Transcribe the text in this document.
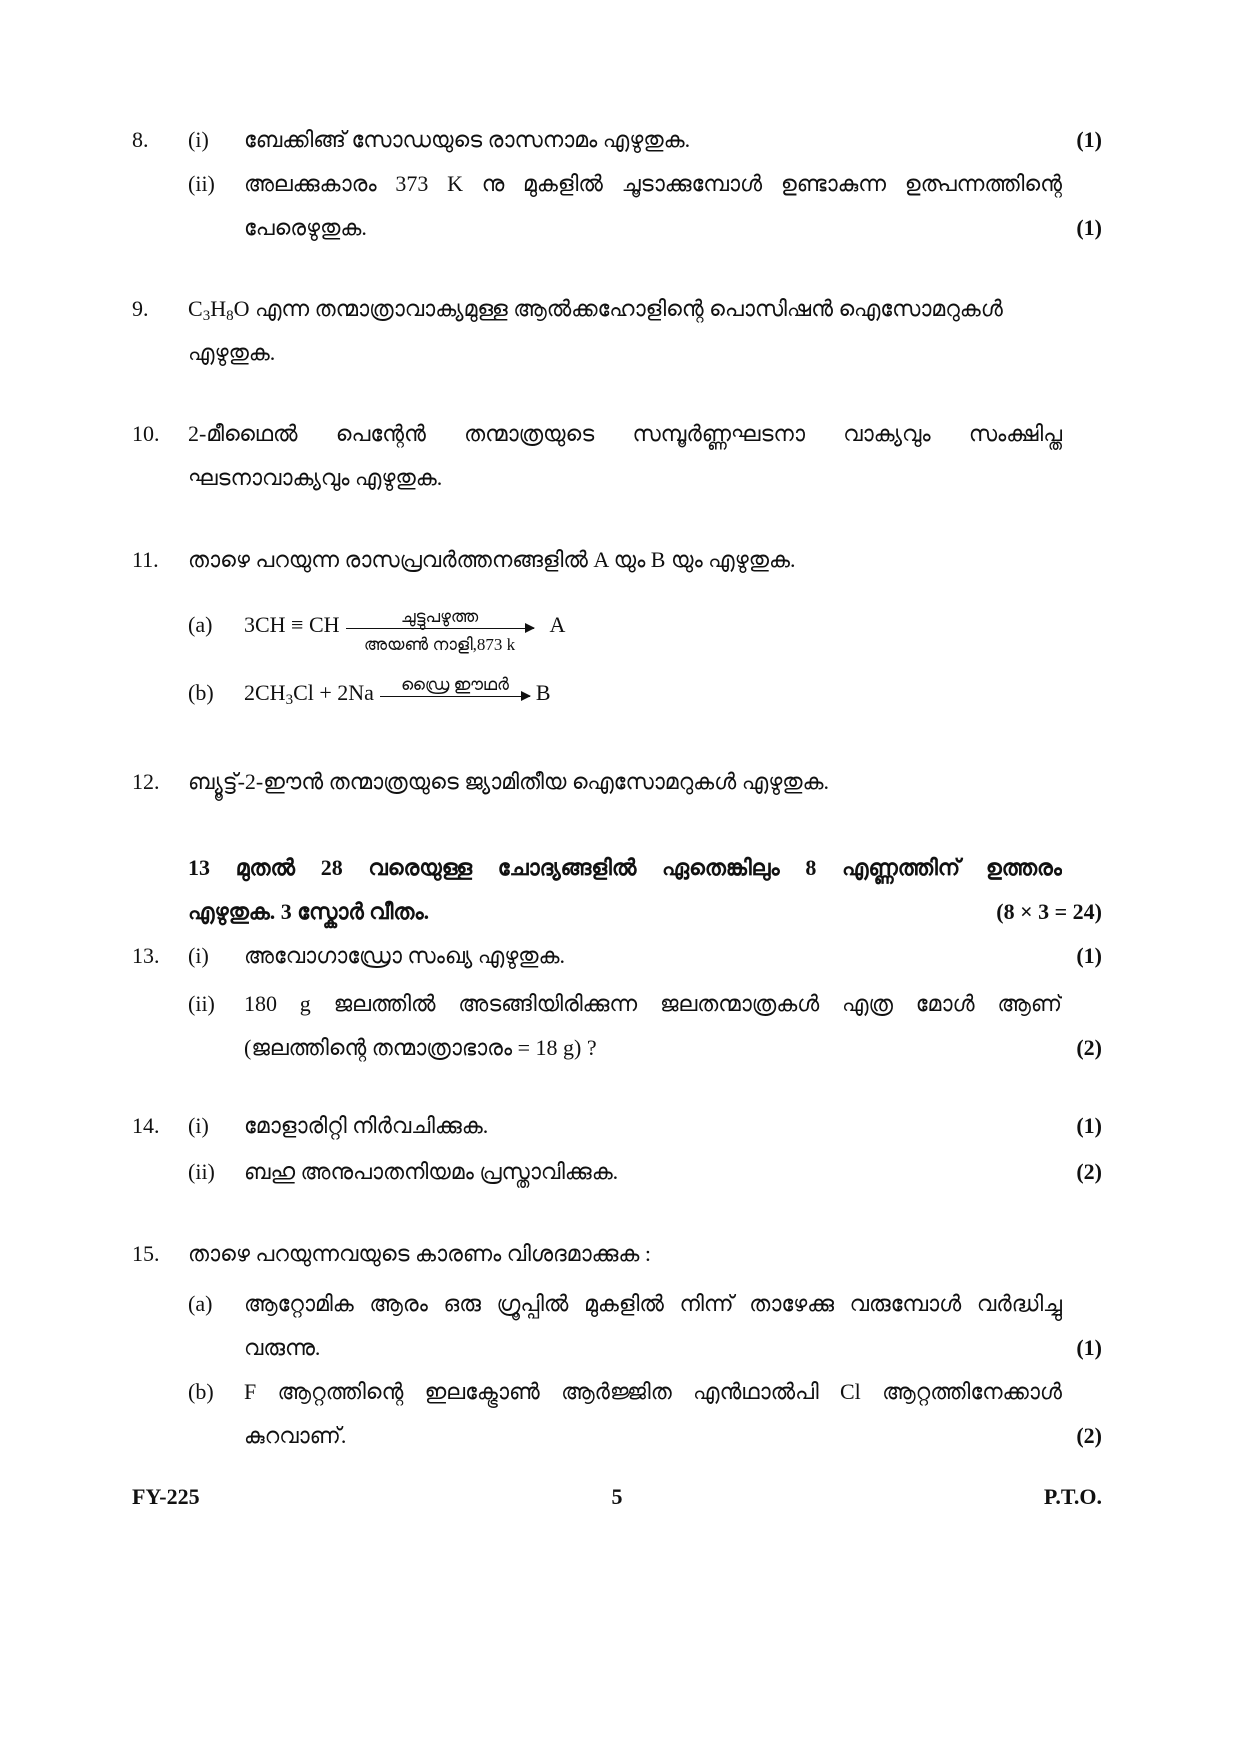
8. (i) ബേക്കിങ്ങ് സോഡയുടെ രാസനാമം എഴുതുക.	(1)
(ii) അലക്കുകാരം 373 K നു മുകളിൽ ചൂടാക്കുമ്പോൾ ഉണ്ടാകുന്ന ഉത്പന്നത്തിന്റെ
പേരെഴുതുക.	(1)
9. $C_3H_8O$ എന്ന തന്മാത്രാവാക്യമുള്ള ആൽക്കഹോളിന്റെ പൊസിഷൻ ഐസോമറുകൾ
എഴുതുക.
10. 2-മീഥൈൽ പെന്റേൻ തന്മാത്രയുടെ സമ്പൂർണ്ണഘടനാ വാക്യവും സംക്ഷിപ്ത
ഘടനാവാക്യവും എഴുതുക.
11. താഴെ പറയുന്ന രാസപ്രവർത്തനങ്ങളിൽ A യും B യും എഴുതുക.
(a) 3CH ≡ CH	ചുട്ടുപഴുത്ത
അയൺ നാളി,873 k
A
(b) $2CH_3Cl + 2Na$	ഡ്രൈ ഈഥർ	B
12. ബ്യൂട്ട്-2-ഈൻ തന്മാത്രയുടെ ജ്യാമിതീയ ഐസോമറുകൾ എഴുതുക.
13 മുതൽ 28 വരെയുള്ള ചോദ്യങ്ങളിൽ ഏതെങ്കിലും 8 എണ്ണത്തിന് ഉത്തരം
എഴുതുക. 3 സ്കോർ വീതം.	(8 × 3 = 24)
13. (i) അവോഗാഡ്രോ സംഖ്യ എഴുതുക.	(1)
(ii) 180 g ജലത്തിൽ അടങ്ങിയിരിക്കുന്ന ജലതന്മാത്രകൾ എത്ര മോൾ ആണ്
(ജലത്തിന്റെ തന്മാത്രാഭാരം = 18 g) ?	(2)
14. (i) മോളാരിറ്റി നിർവചിക്കുക.	(1)
(ii) ബഹു അനുപാതനിയമം പ്രസ്താവിക്കുക.	(2)
15. താഴെ പറയുന്നവയുടെ കാരണം വിശദമാക്കുക :
(a) ആറ്റോമിക ആരം ഒരു ഗ്രൂപ്പിൽ മുകളിൽ നിന്ന് താഴേക്കു വരുമ്പോൾ വർദ്ധിച്ചു
വരുന്നു.	(1)
(b) F ആറ്റത്തിന്റെ ഇലക്ട്രോൺ ആർജ്ജിത എൻഥാൽപി Cl ആറ്റത്തിനേക്കാൾ
കുറവാണ്.	(2)
FY-225	5	P.T.O.
